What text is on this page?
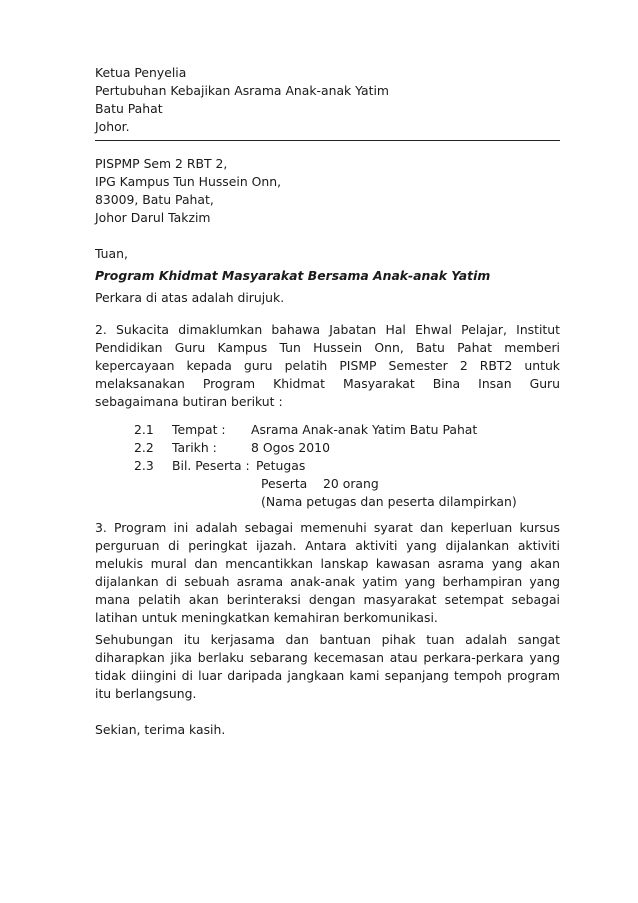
Ketua Penyelia
Pertubuhan Kebajikan Asrama Anak-anak Yatim
Batu Pahat
Johor.
PISPMP Sem 2 RBT 2,
IPG Kampus Tun Hussein Onn,
83009, Batu Pahat,
Johor Darul Takzim
Tuan,
Program Khidmat Masyarakat Bersama Anak-anak Yatim
Perkara di atas adalah dirujuk.
2. Sukacita dimaklumkan bahawa Jabatan Hal Ehwal Pelajar, Institut
Pendidikan Guru Kampus Tun Hussein Onn, Batu Pahat memberi
kepercayaan kepada guru pelatih PISMP Semester 2 RBT2 untuk
melaksanakan Program Khidmat Masyarakat Bina Insan Guru
sebagaimana butiran berikut :
2.1 Tempat : Asrama Anak-anak Yatim Batu Pahat
2.2 Tarikh :	8 Ogos 2010
2.3 Bil. Peserta : Petugas
Peserta    20 orang
(Nama petugas dan peserta dilampirkan)
3. Program ini adalah sebagai memenuhi syarat dan keperluan kursus
perguruan di peringkat ijazah. Antara aktiviti yang dijalankan aktiviti
melukis mural dan mencantikkan lanskap kawasan asrama yang akan
dijalankan di sebuah asrama anak-anak yatim yang berhampiran yang
mana pelatih akan berinteraksi dengan masyarakat setempat sebagai
latihan untuk meningkatkan kemahiran berkomunikasi.
Sehubungan itu kerjasama dan bantuan pihak tuan adalah sangat
diharapkan jika berlaku sebarang kecemasan atau perkara-perkara yang
tidak diingini di luar daripada jangkaan kami sepanjang tempoh program
itu berlangsung.
Sekian, terima kasih.
